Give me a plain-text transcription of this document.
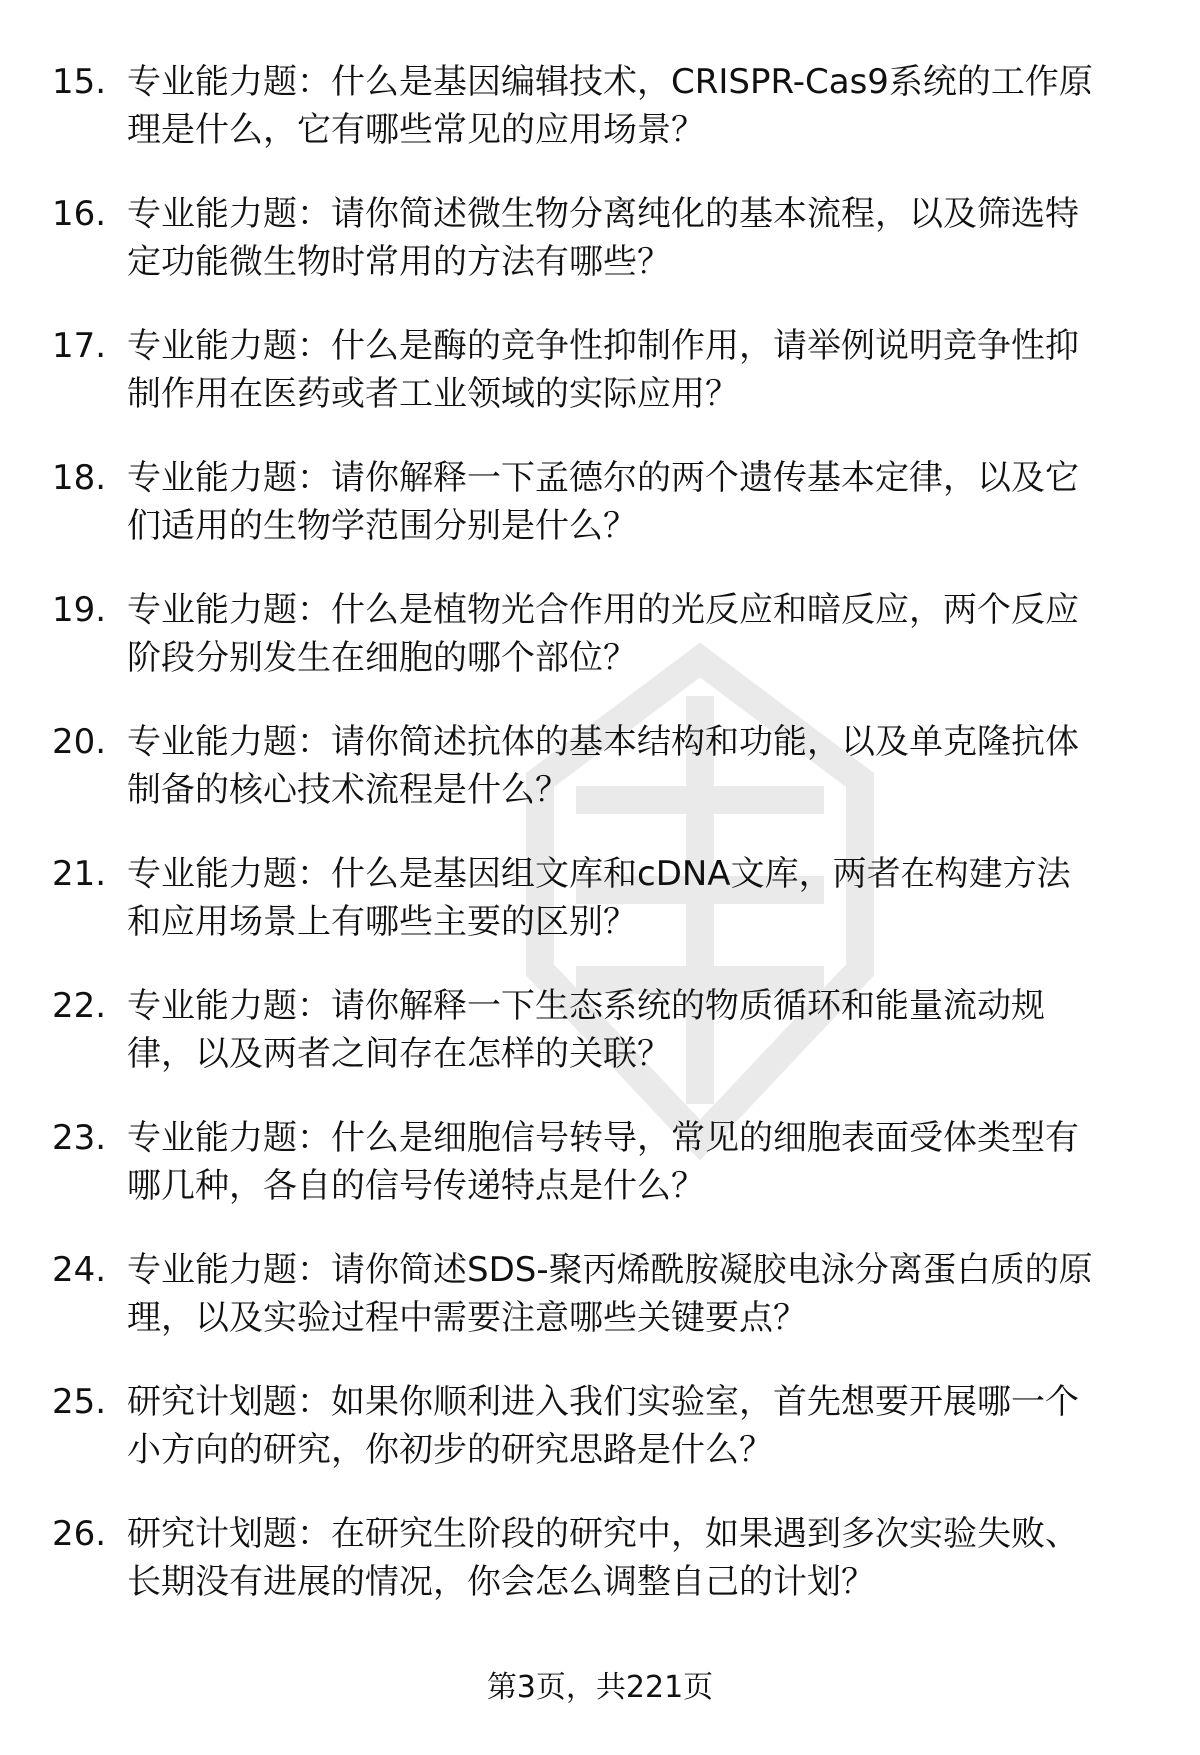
15. 专业能力题：什么是基因编辑技术，CRISPR-Cas9系统的工作原
理是什么，它有哪些常见的应用场景？
16. 专业能力题：请你简述微生物分离纯化的基本流程，以及筛选特
定功能微生物时常用的方法有哪些？
17. 专业能力题：什么是酶的竞争性抑制作用，请举例说明竞争性抑
制作用在医药或者工业领域的实际应用？
18. 专业能力题：请你解释一下孟德尔的两个遗传基本定律，以及它
们适用的生物学范围分别是什么？
19. 专业能力题：什么是植物光合作用的光反应和暗反应，两个反应
阶段分别发生在细胞的哪个部位？
20. 专业能力题：请你简述抗体的基本结构和功能，以及单克隆抗体
制备的核心技术流程是什么？
21. 专业能力题：什么是基因组文库和cDNA文库，两者在构建方法
和应用场景上有哪些主要的区别？
22. 专业能力题：请你解释一下生态系统的物质循环和能量流动规
律，以及两者之间存在怎样的关联？
23. 专业能力题：什么是细胞信号转导，常见的细胞表面受体类型有
哪几种，各自的信号传递特点是什么？
24. 专业能力题：请你简述SDS-聚丙烯酰胺凝胶电泳分离蛋白质的原
理，以及实验过程中需要注意哪些关键要点？
25. 研究计划题：如果你顺利进入我们实验室，首先想要开展哪一个
小方向的研究，你初步的研究思路是什么？
26. 研究计划题：在研究生阶段的研究中，如果遇到多次实验失败、
长期没有进展的情况，你会怎么调整自己的计划？
第3页，共221页
